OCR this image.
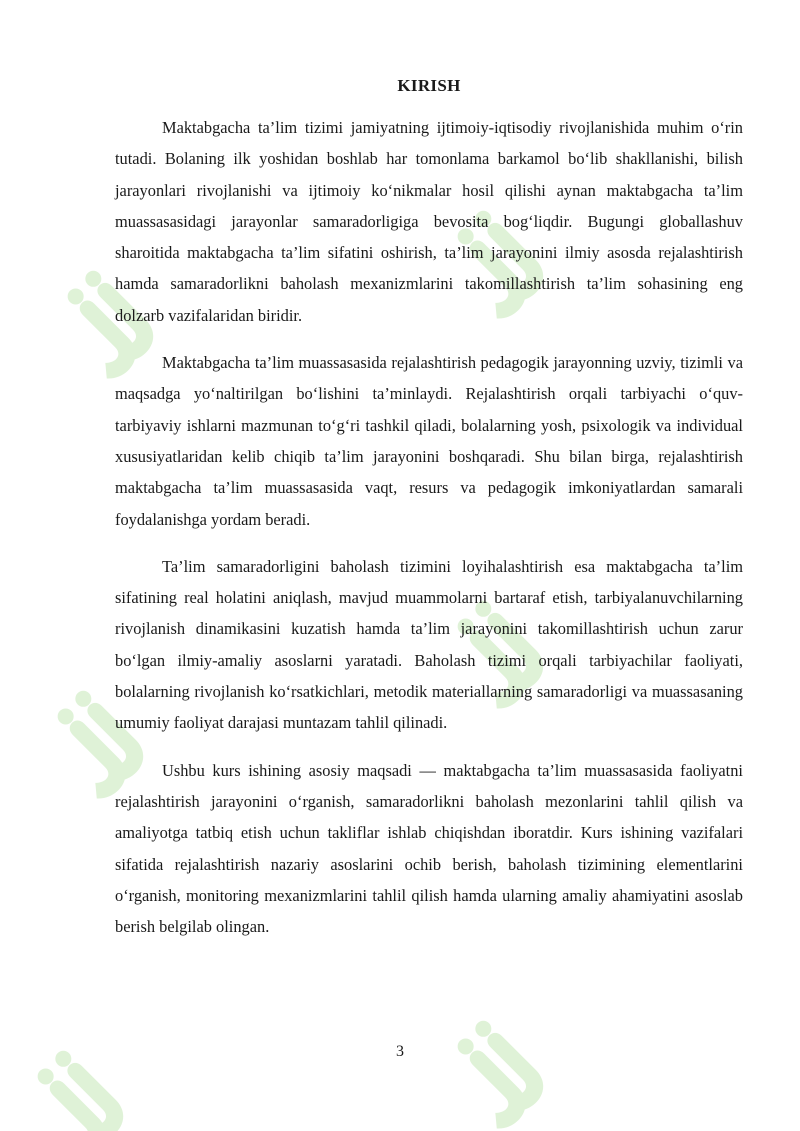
KIRISH

Maktabgacha ta’lim tizimi jamiyatning ijtimoiy-iqtisodiy rivojlanishida muhim o‘rin tutadi. Bolaning ilk yoshidan boshlab har tomonlama barkamol bo‘lib shakllanishi, bilish jarayonlari rivojlanishi va ijtimoiy ko‘nikmalar hosil qilishi aynan maktabgacha ta’lim muassasasidagi jarayonlar samaradorligiga bevosita bog‘liqdir. Bugungi globallashuv sharoitida maktabgacha ta’lim sifatini oshirish, ta’lim jarayonini ilmiy asosda rejalashtirish hamda samaradorlikni baholash mexanizmlarini takomillashtirish ta’lim sohasining eng dolzarb vazifalaridan biridir.

Maktabgacha ta’lim muassasasida rejalashtirish pedagogik jarayonning uzviy, tizimli va maqsadga yo‘naltirilgan bo‘lishini ta’minlaydi. Rejalashtirish orqali tarbiyachi o‘quv-tarbiyaviy ishlarni mazmunan to‘g‘ri tashkil qiladi, bolalarning yosh, psixologik va individual xususiyatlaridan kelib chiqib ta’lim jarayonini boshqaradi. Shu bilan birga, rejalashtirish maktabgacha ta’lim muassasasida vaqt, resurs va pedagogik imkoniyatlardan samarali foydalanishga yordam beradi.

Ta’lim samaradorligini baholash tizimini loyihalashtirish esa maktabgacha ta’lim sifatining real holatini aniqlash, mavjud muammolarni bartaraf etish, tarbiyalanuvchilarning rivojlanish dinamikasini kuzatish hamda ta’lim jarayonini takomillashtirish uchun zarur bo‘lgan ilmiy-amaliy asoslarni yaratadi. Baholash tizimi orqali tarbiyachilar faoliyati, bolalarning rivojlanish ko‘rsatkichlari, metodik materiallarning samaradorligi va muassasaning umumiy faoliyat darajasi muntazam tahlil qilinadi.

Ushbu kurs ishining asosiy maqsadi — maktabgacha ta’lim muassasasida faoliyatni rejalashtirish jarayonini o‘rganish, samaradorlikni baholash mezonlarini tahlil qilish va amaliyotga tatbiq etish uchun takliflar ishlab chiqishdan iboratdir. Kurs ishining vazifalari sifatida rejalashtirish nazariy asoslarini ochib berish, baholash tizimining elementlarini o‘rganish, monitoring mexanizmlarini tahlil qilish hamda ularning amaliy ahamiyatini asoslab berish belgilab olingan.

3
